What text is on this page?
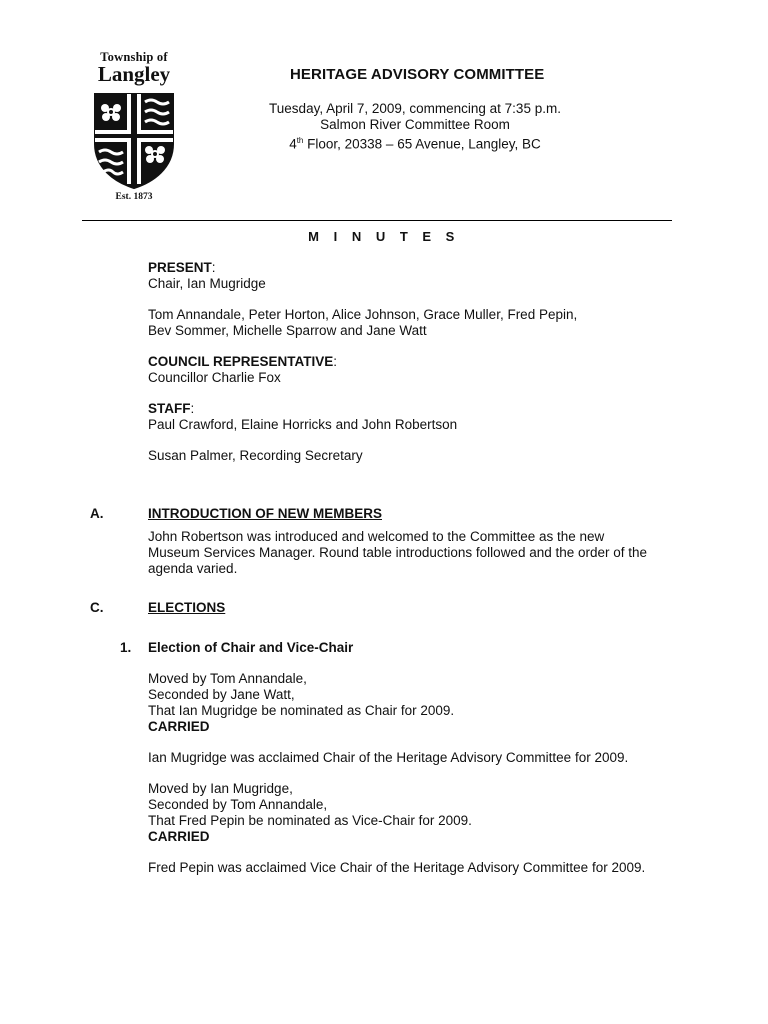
Township of
Langley
Est. 1873
HERITAGE ADVISORY COMMITTEE
Tuesday, April 7, 2009, commencing at 7:35 p.m.
Salmon River Committee Room
4th Floor, 20338 – 65 Avenue, Langley, BC
M I N U T E S

PRESENT:

Chair, Ian Mugridge

Tom Annandale, Peter Horton, Alice Johnson, Grace Muller, Fred Pepin,

Bev Sommer, Michelle Sparrow and Jane Watt

COUNCIL REPRESENTATIVE:

Councillor Charlie Fox

STAFF:

Paul Crawford, Elaine Horricks and John Robertson

Susan Palmer, Recording Secretary

A.	INTRODUCTION OF NEW MEMBERS

John Robertson was introduced and welcomed to the Committee as the new

Museum Services Manager. Round table introductions followed and the order of the

agenda varied.

C.	ELECTIONS
1. Election of Chair and Vice-Chair

Moved by Tom Annandale,

Seconded by Jane Watt,

That Ian Mugridge be nominated as Chair for 2009.

CARRIED

Ian Mugridge was acclaimed Chair of the Heritage Advisory Committee for 2009.

Moved by Ian Mugridge,

Seconded by Tom Annandale,

That Fred Pepin be nominated as Vice-Chair for 2009.

CARRIED

Fred Pepin was acclaimed Vice Chair of the Heritage Advisory Committee for 2009.
